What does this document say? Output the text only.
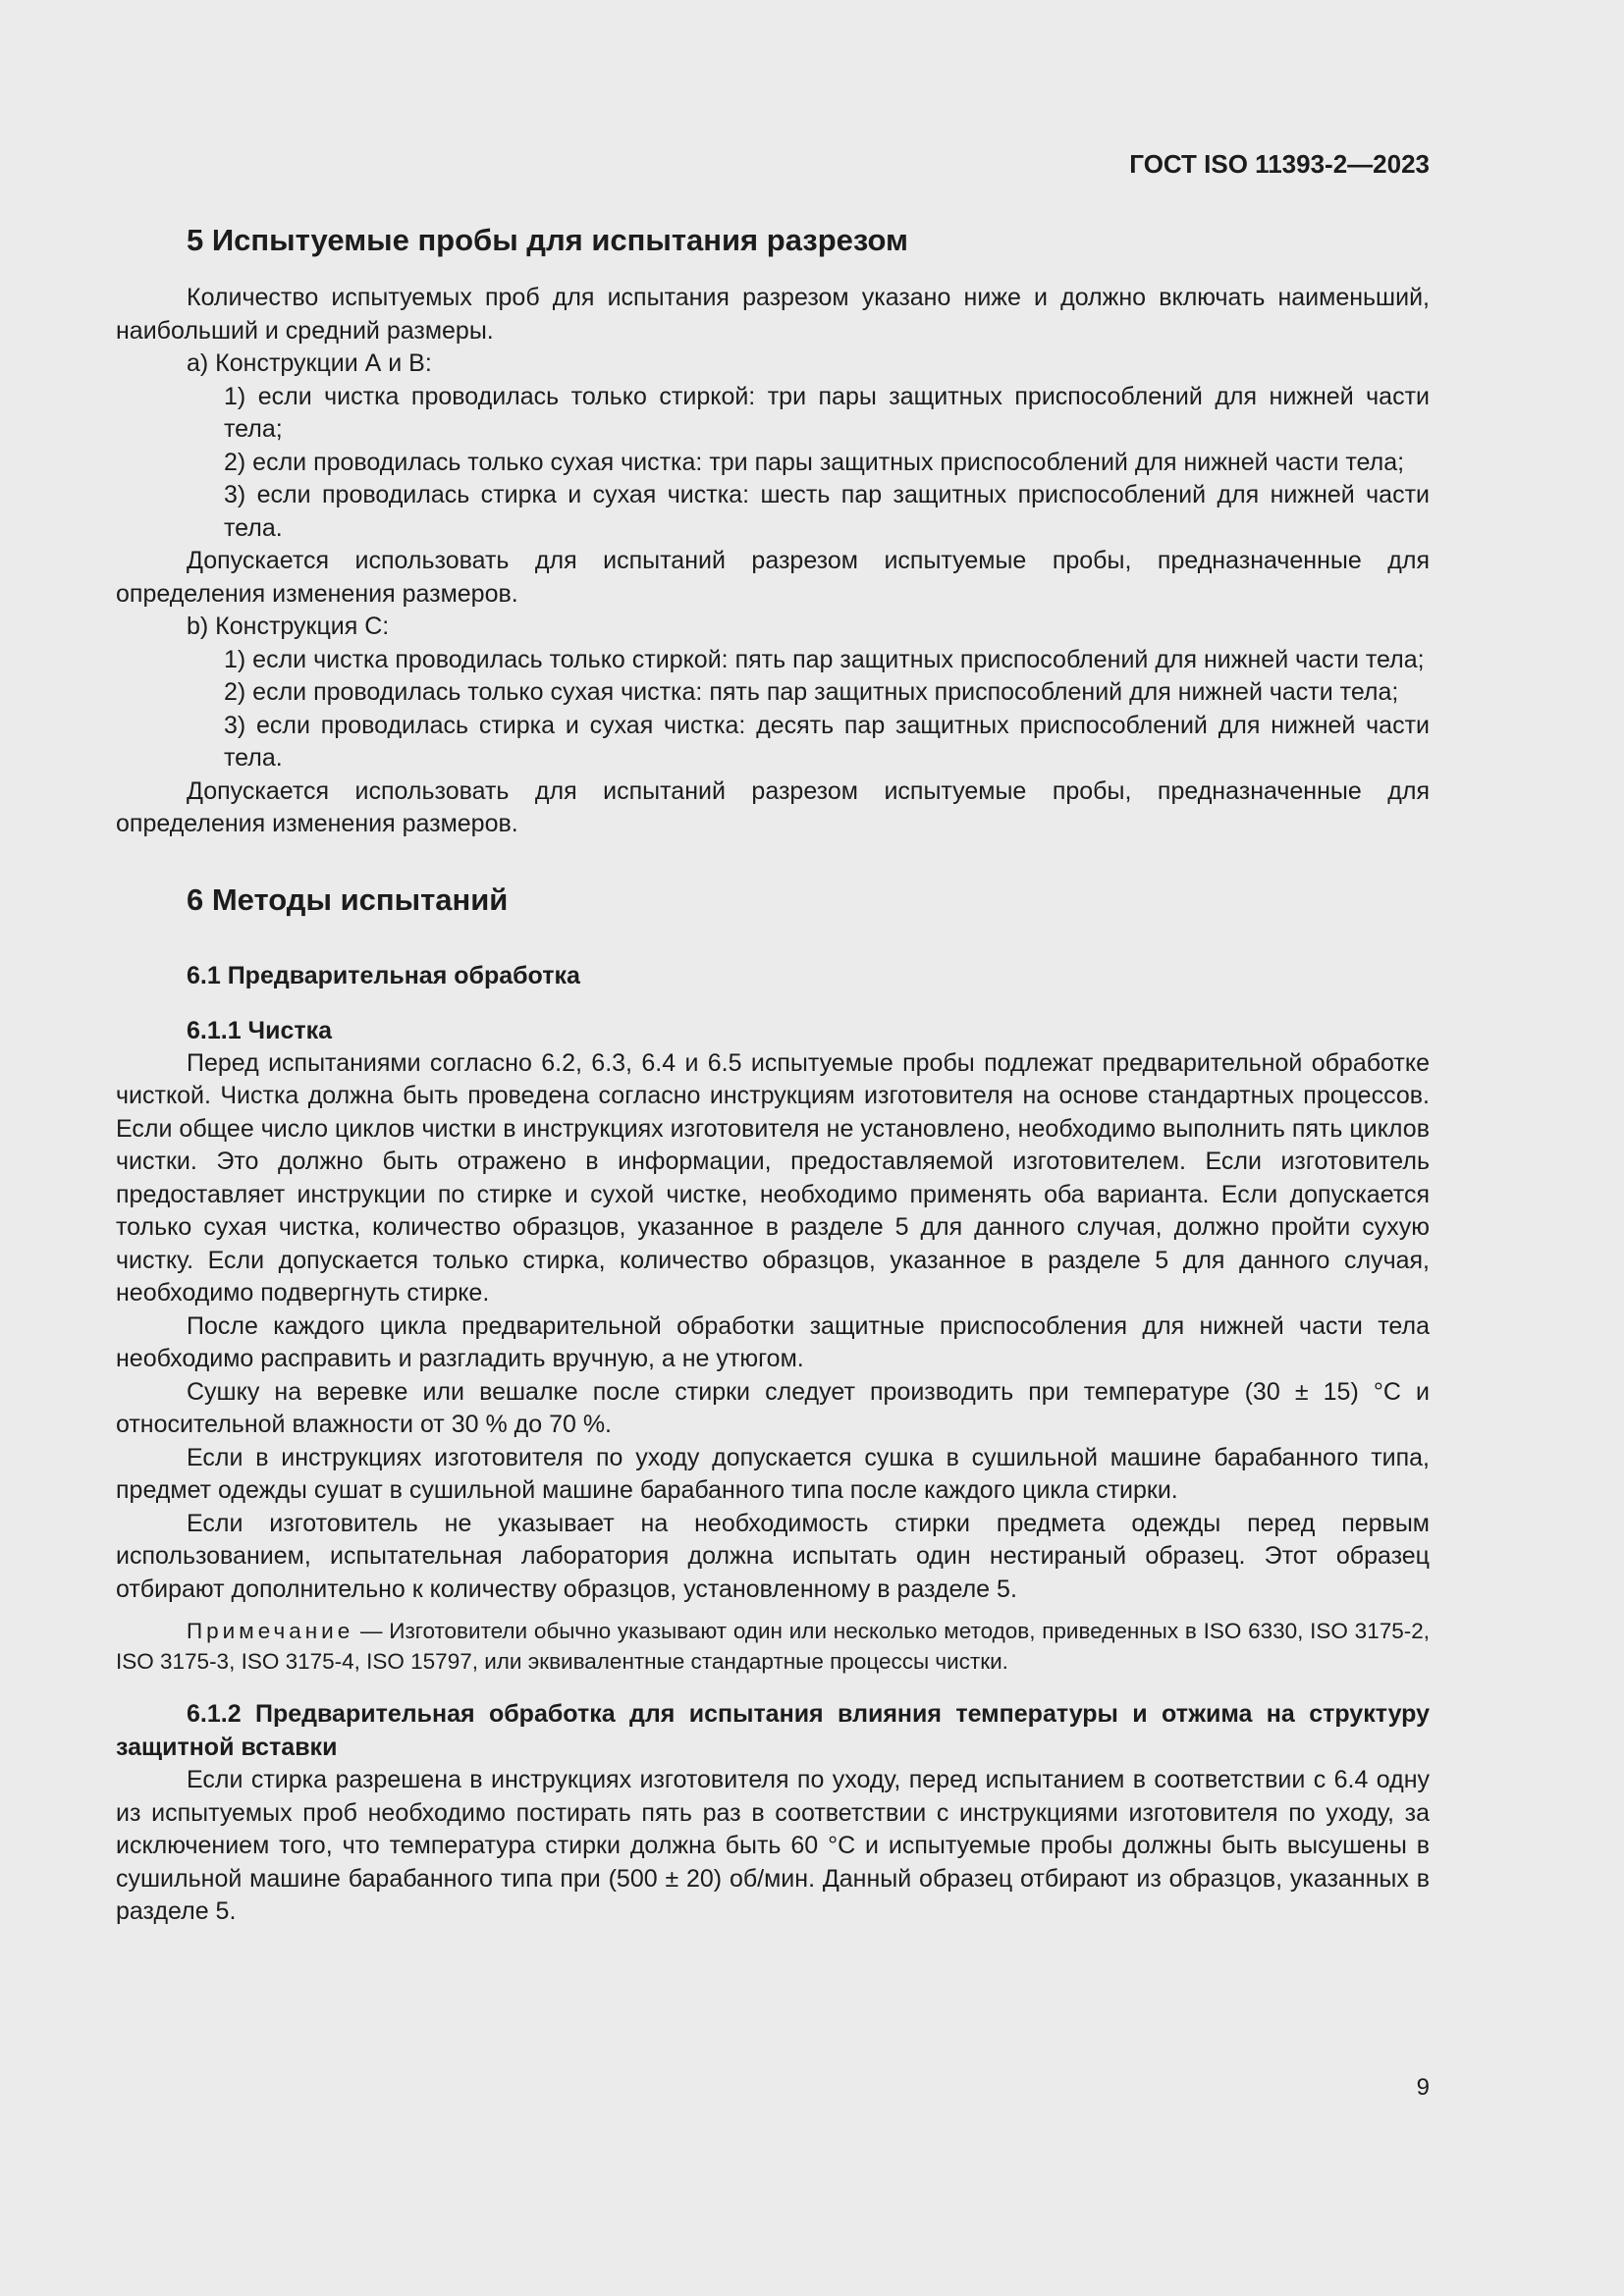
ГОСТ ISO 11393-2—2023
5 Испытуемые пробы для испытания разрезом

Количество испытуемых проб для испытания разрезом указано ниже и должно включать наименьший, наибольший и средний размеры.

а) Конструкции А и В:

1) если чистка проводилась только стиркой: три пары защитных приспособлений для нижней части тела;

2) если проводилась только сухая чистка: три пары защитных приспособлений для нижней части тела;

3) если проводилась стирка и сухая чистка: шесть пар защитных приспособлений для нижней части тела.

Допускается использовать для испытаний разрезом испытуемые пробы, предназначенные для определения изменения размеров.

b) Конструкция С:

1) если чистка проводилась только стиркой: пять пар защитных приспособлений для нижней части тела;

2) если проводилась только сухая чистка: пять пар защитных приспособлений для нижней части тела;

3) если проводилась стирка и сухая чистка: десять пар защитных приспособлений для нижней части тела.

Допускается использовать для испытаний разрезом испытуемые пробы, предназначенные для определения изменения размеров.

6 Методы испытаний
6.1 Предварительная обработка
6.1.1 Чистка

Перед испытаниями согласно 6.2, 6.3, 6.4 и 6.5 испытуемые пробы подлежат предварительной обработке чисткой. Чистка должна быть проведена согласно инструкциям изготовителя на основе стандартных процессов. Если общее число циклов чистки в инструкциях изготовителя не установлено, необходимо выполнить пять циклов чистки. Это должно быть отражено в информации, предоставляемой изготовителем. Если изготовитель предоставляет инструкции по стирке и сухой чистке, необходимо применять оба варианта. Если допускается только сухая чистка, количество образцов, указанное в разделе 5 для данного случая, должно пройти сухую чистку. Если допускается только стирка, количество образцов, указанное в разделе 5 для данного случая, необходимо подвергнуть стирке.

После каждого цикла предварительной обработки защитные приспособления для нижней части тела необходимо расправить и разгладить вручную, а не утюгом.

Сушку на веревке или вешалке после стирки следует производить при температуре (30 ± 15) °С и относительной влажности от 30 % до 70 %.

Если в инструкциях изготовителя по уходу допускается сушка в сушильной машине барабанного типа, предмет одежды сушат в сушильной машине барабанного типа после каждого цикла стирки.

Если изготовитель не указывает на необходимость стирки предмета одежды перед первым использованием, испытательная лаборатория должна испытать один нестираный образец. Этот образец отбирают дополнительно к количеству образцов, установленному в разделе 5.

Примечание — Изготовители обычно указывают один или несколько методов, приведенных в ISO 6330, ISO 3175-2, ISO 3175-3, ISO 3175-4, ISO 15797, или эквивалентные стандартные процессы чистки.

6.1.2 Предварительная обработка для испытания влияния температуры и отжима на структуру защитной вставки

Если стирка разрешена в инструкциях изготовителя по уходу, перед испытанием в соответствии с 6.4 одну из испытуемых проб необходимо постирать пять раз в соответствии с инструкциями изготовителя по уходу, за исключением того, что температура стирки должна быть 60 °С и испытуемые пробы должны быть высушены в сушильной машине барабанного типа при (500 ± 20) об/мин. Данный образец отбирают из образцов, указанных в разделе 5.

9
